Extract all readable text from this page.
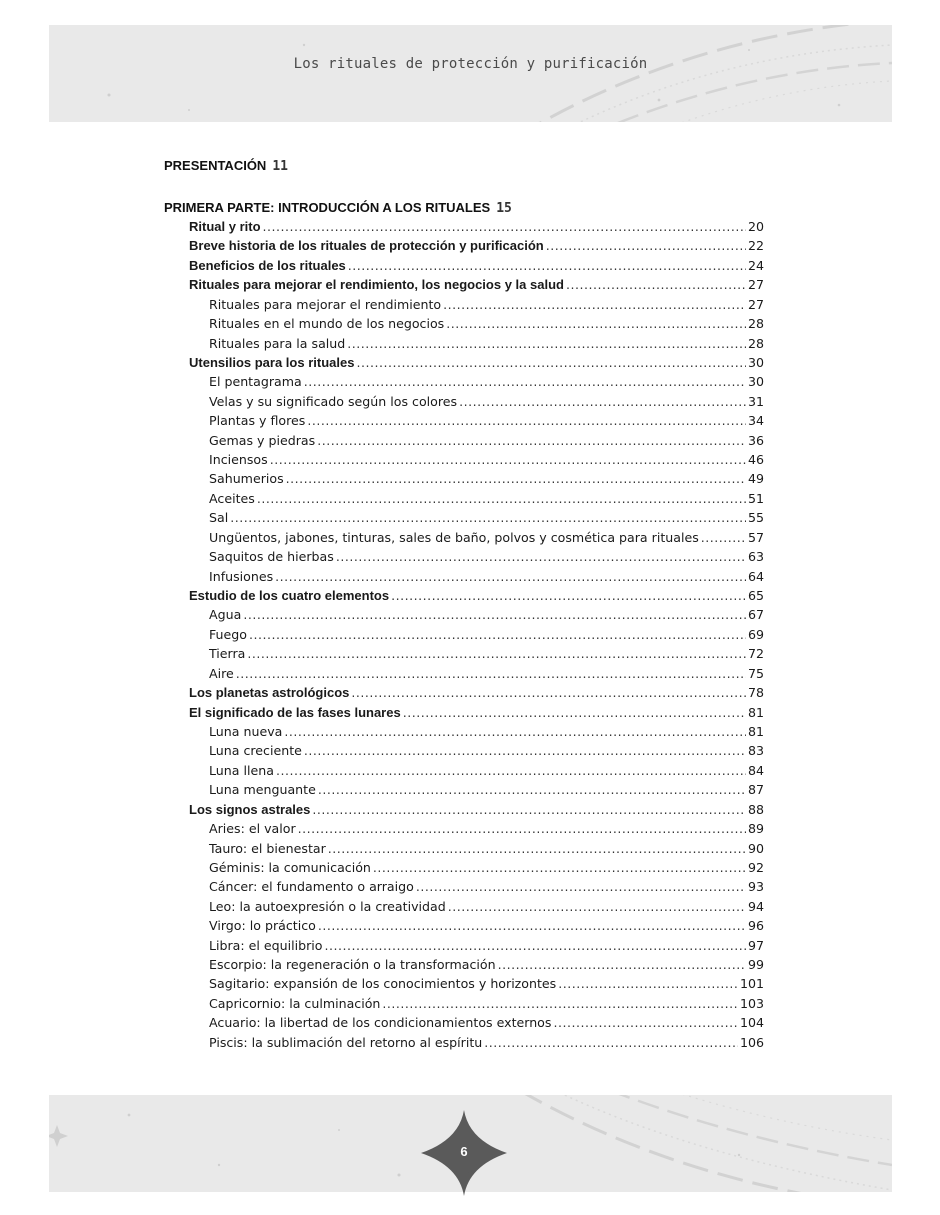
Los rituales de protección y purificación
PRESENTACIÓN 11
PRIMERA PARTE: INTRODUCCIÓN A LOS RITUALES 15
Ritual y rito .....	20
Breve historia de los rituales de protección y purificación .....	22
Beneficios de los rituales .....	24
Rituales para mejorar el rendimiento, los negocios y la salud .....	27
Rituales para mejorar el rendimiento .....	27
Rituales en el mundo de los negocios .....	28
Rituales para la salud .....	28
Utensilios para los rituales .....	30
El pentagrama .....	30
Velas y su significado según los colores .....	31
Plantas y flores .....	34
Gemas y piedras .....	36
Inciensos .....	46
Sahumerios .....	49
Aceites .....	51
Sal .....	55
Ungüentos, jabones, tinturas, sales de baño, polvos y cosmética para rituales .....	57
Saquitos de hierbas .....	63
Infusiones .....	64
Estudio de los cuatro elementos .....	65
Agua .....	67
Fuego .....	69
Tierra .....	72
Aire .....	75
Los planetas astrológicos .....	78
El significado de las fases lunares .....	81
Luna nueva .....	81
Luna creciente .....	83
Luna llena .....	84
Luna menguante .....	87
Los signos astrales .....	88
Aries: el valor .....	89
Tauro: el bienestar .....	90
Géminis: la comunicación .....	92
Cáncer: el fundamento o arraigo .....	93
Leo: la autoexpresión o la creatividad .....	94
Virgo: lo práctico .....	96
Libra: el equilibrio .....	97
Escorpio: la regeneración o la transformación .....	99
Sagitario: expansión de los conocimientos y horizontes .....	101
Capricornio: la culminación .....	103
Acuario: la libertad de los condicionamientos externos .....	104
Piscis: la sublimación del retorno al espíritu .....	106
6
